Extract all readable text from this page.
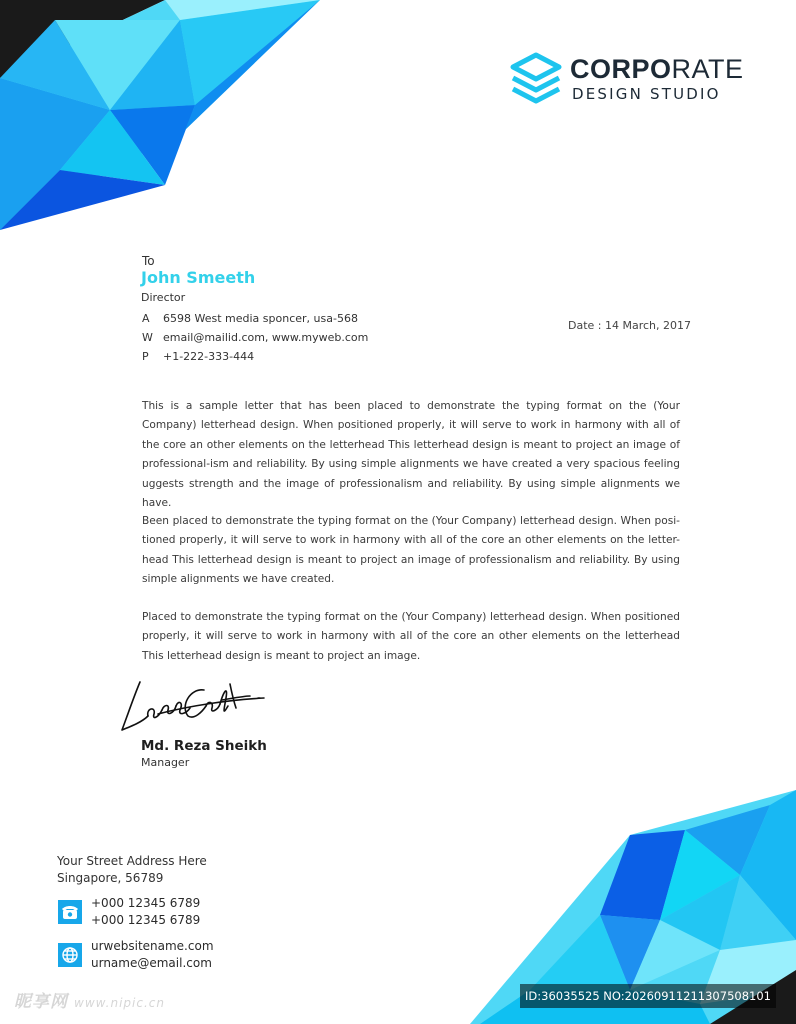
CORPORATE
DESIGN STUDIO
To
John Smeeth
Director
A 6598 West media sponcer, usa-568
W email@mailid.com, www.myweb.com
P +1-222-333-444
Date : 14 March, 2017

This is a sample letter that has been placed to demonstrate the typing format on the (Your Company) letterhead design. When positioned properly, it will serve to work in harmony with all of the core an other elements on the letterhead This letterhead design is meant to project an image of professional-ism and reliability. By using simple alignments we have created a very spacious feeling uggests strength and the image of professionalism and reliability. By using simple alignments we have.

Been placed to demonstrate the typing format on the (Your Company) letterhead design. When posi-tioned properly, it will serve to work in harmony with all of the core an other elements on the letter-head This letterhead design is meant to project an image of professionalism and reliability. By using simple alignments we have created.

Placed to demonstrate the typing format on the (Your Company) letterhead design. When positioned properly, it will serve to work in harmony with all of the core an other elements on the letterhead This letterhead design is meant to project an image.

Md. Reza Sheikh
Manager
Your Street Address Here
Singapore, 56789
+000 12345 6789
+000 12345 6789
urwebsitename.com
urname@email.com
昵享网 www.nipic.cn	ID:36035525 NO:20260911211307508101
